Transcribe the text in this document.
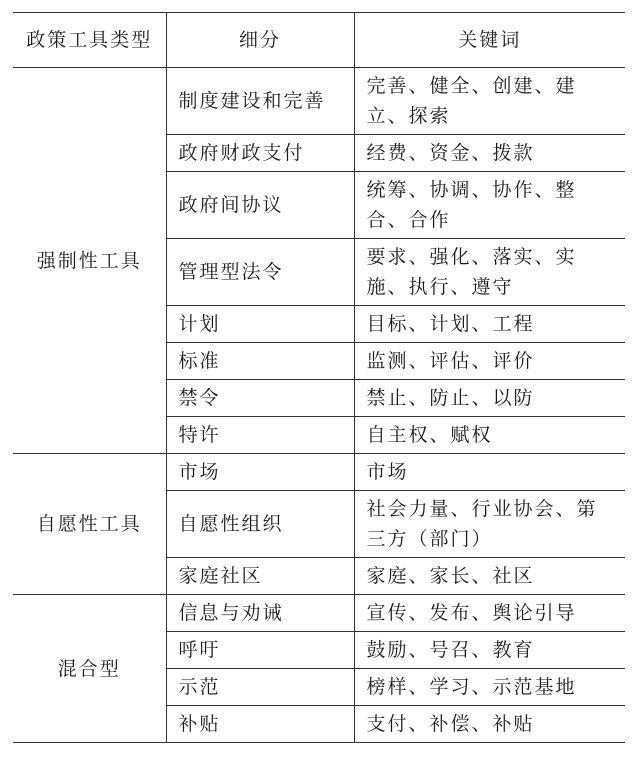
政策工具类型	细分	关键词
强制性工具	制度建设和完善	完善、健全、创建、建立、探索
	政府财政支付	经费、资金、拨款
	政府间协议	统筹、协调、协作、整合、合作
	管理型法令	要求、强化、落实、实施、执行、遵守
	计划	目标、计划、工程
	标准	监测、评估、评价
	禁令	禁止、防止、以防
	特许	自主权、赋权
自愿性工具	市场	市场
	自愿性组织	社会力量、行业协会、第三方（部门）
	家庭社区	家庭、家长、社区
混合型	信息与劝诫	宣传、发布、舆论引导
	呼吁	鼓励、号召、教育
	示范	榜样、学习、示范基地
	补贴	支付、补偿、补贴
